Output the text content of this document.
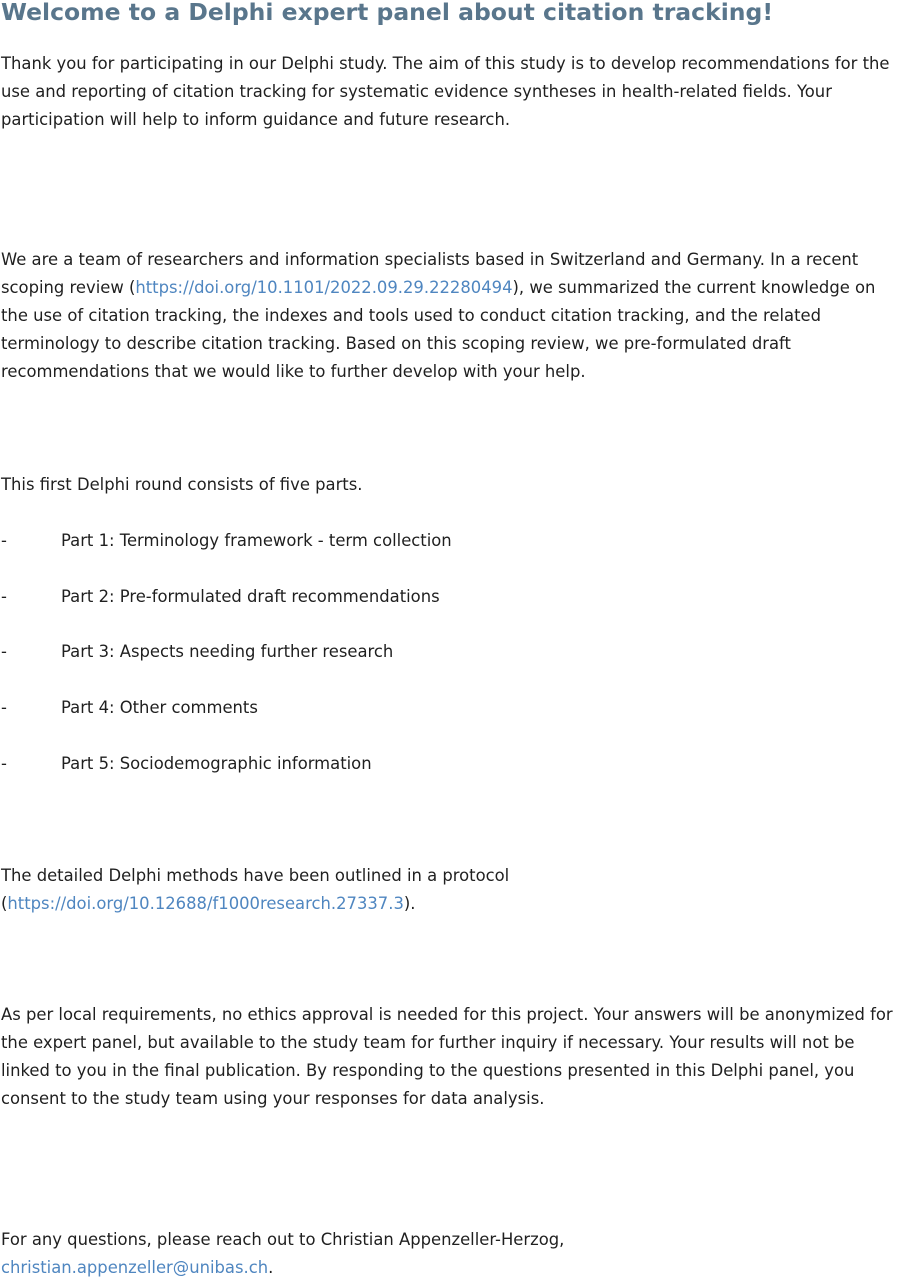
Welcome to a Delphi expert panel about citation tracking!

Thank you for participating in our Delphi study. The aim of this study is to develop recommendations for the use and reporting of citation tracking for systematic evidence syntheses in health-related fields. Your participation will help to inform guidance and future research.

We are a team of researchers and information specialists based in Switzerland and Germany. In a recent scoping review (https://doi.org/10.1101/2022.09.29.22280494), we summarized the current knowledge on the use of citation tracking, the indexes and tools used to conduct citation tracking, and the related terminology to describe citation tracking. Based on this scoping review, we pre-formulated draft recommendations that we would like to further develop with your help.

This first Delphi round consists of five parts.

-	Part 1: Terminology framework - term collection
-	Part 2: Pre-formulated draft recommendations
-	Part 3: Aspects needing further research
-	Part 4: Other comments
-	Part 5: Sociodemographic information

The detailed Delphi methods have been outlined in a protocol (https://doi.org/10.12688/f1000research.27337.3).

As per local requirements, no ethics approval is needed for this project. Your answers will be anonymized for the expert panel, but available to the study team for further inquiry if necessary. Your results will not be linked to you in the final publication. By responding to the questions presented in this Delphi panel, you consent to the study team using your responses for data analysis.

For any questions, please reach out to Christian Appenzeller-Herzog,
christian.appenzeller@unibas.ch.
